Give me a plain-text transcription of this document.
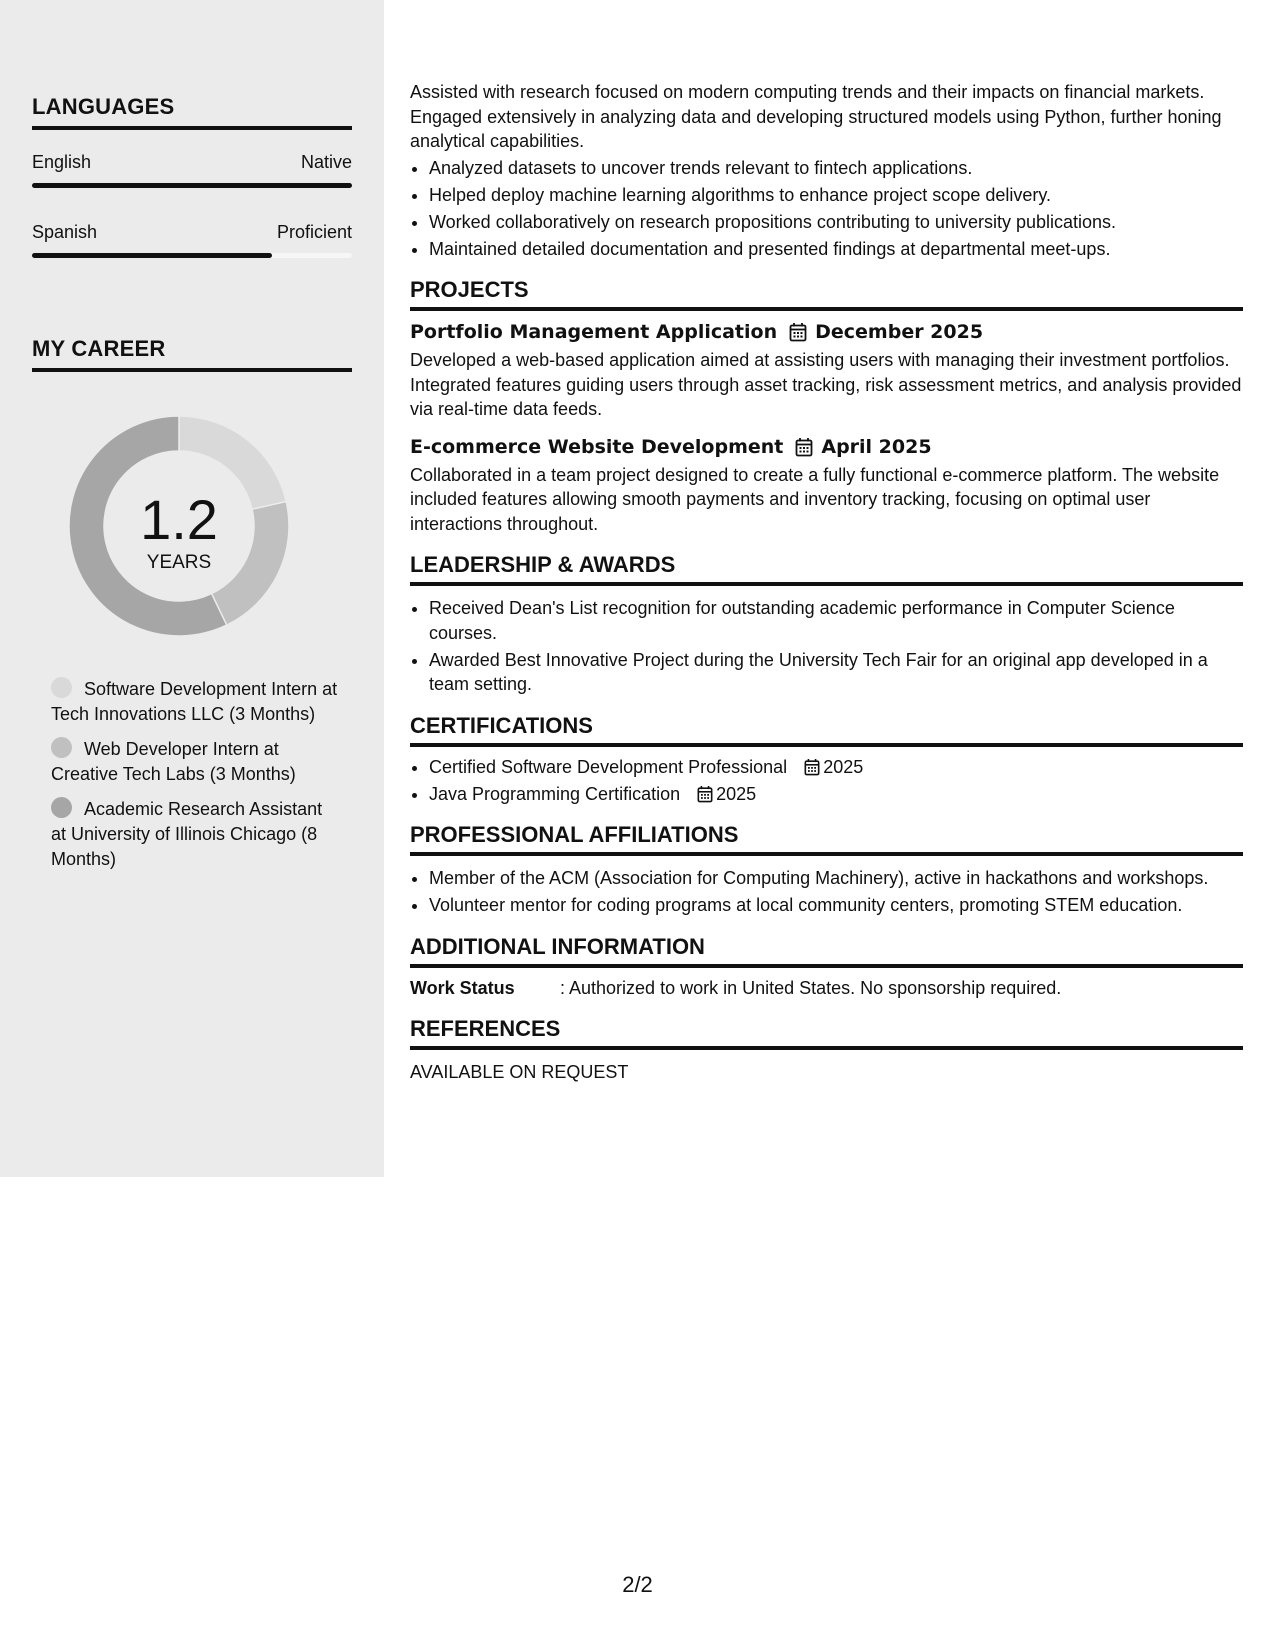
LANGUAGES
English	Native
Spanish	Proficient
MY CAREER
1.2
YEARS
Software Development Intern at Tech Innovations LLC (3 Months)
Web Developer Intern at Creative Tech Labs (3 Months)
Academic Research Assistant at University of Illinois Chicago (8 Months)

Assisted with research focused on modern computing trends and their impacts on financial markets. Engaged extensively in analyzing data and developing structured models using Python, further honing analytical capabilities.

• Analyzed datasets to uncover trends relevant to fintech applications.
• Helped deploy machine learning algorithms to enhance project scope delivery.
• Worked collaboratively on research propositions contributing to university publications.
• Maintained detailed documentation and presented findings at departmental meet-ups.
PROJECTS
Portfolio Management Application December 2025

Developed a web-based application aimed at assisting users with managing their investment portfolios. Integrated features guiding users through asset tracking, risk assessment metrics, and analysis provided via real-time data feeds.

E-commerce Website Development April 2025

Collaborated in a team project designed to create a fully functional e-commerce platform. The website included features allowing smooth payments and inventory tracking, focusing on optimal user interactions throughout.

LEADERSHIP & AWARDS
• Received Dean's List recognition for outstanding academic performance in Computer Science courses.
• Awarded Best Innovative Project during the University Tech Fair for an original app developed in a team setting.
CERTIFICATIONS
• Certified Software Development Professional 2025
• Java Programming Certification 2025
PROFESSIONAL AFFILIATIONS
• Member of the ACM (Association for Computing Machinery), active in hackathons and workshops.
• Volunteer mentor for coding programs at local community centers, promoting STEM education.
ADDITIONAL INFORMATION
Work Status	: Authorized to work in United States. No sponsorship required.
REFERENCES

AVAILABLE ON REQUEST

2/2
